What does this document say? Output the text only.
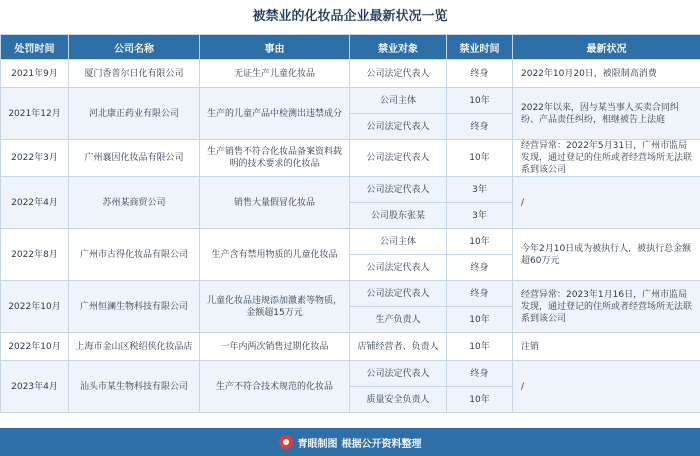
被禁业的化妆品企业最新状况一览
处罚时间	公司名称	事由	禁业对象	禁业时间	最新状况
2021年9月	厦门香普尔日化有限公司	无证生产儿童化妆品	公司法定代表人	终身	2022年10月20日，被限制高消费
2021年12月	河北康正药业有限公司	生产的儿童产品中检测出违禁成分	公司主体	10年	2022年以来，因与某当事人买卖合同纠纷、产品责任纠纷，相继被告上法庭
			公司法定代表人	终身	
2022年3月	广州襄因化妆品有限公司	生产销售不符合化妆品备案资料载明的技术要求的化妆品	公司法定代表人	10年	经营异常：2022年5月31日，广州市监局发现，通过登记的住所或者经营场所无法联系到该公司
2022年4月	苏州某商贸公司	销售大量假冒化妆品	公司法定代表人	3年	/
			公司股东张某	3年	
2022年8月	广州市古得化妆品有限公司	生产含有禁用物质的儿童化妆品	公司主体	10年	今年2月10日成为被执行人，被执行总金额超60万元
			公司法定代表人	终身	
2022年10月	广州恒澜生物科技有限公司	儿童化妆品违规添加激素等物质，金额超15万元	公司法定代表人	终身	经营异常：2023年1月16日，广州市监局发现，通过登记的住所或者经营场所无法联系到该公司
			生产负责人	10年	
2022年10月	上海市金山区税绍侠化妆品店	一年内两次销售过期化妆品	店铺经营者、负责人	10年	注销
2023年4月	汕头市某生物科技有限公司	生产不符合技术规范的化妆品	公司法定代表人	终身	/
			质量安全负责人	10年	
青眼制图 根据公开资料整理
